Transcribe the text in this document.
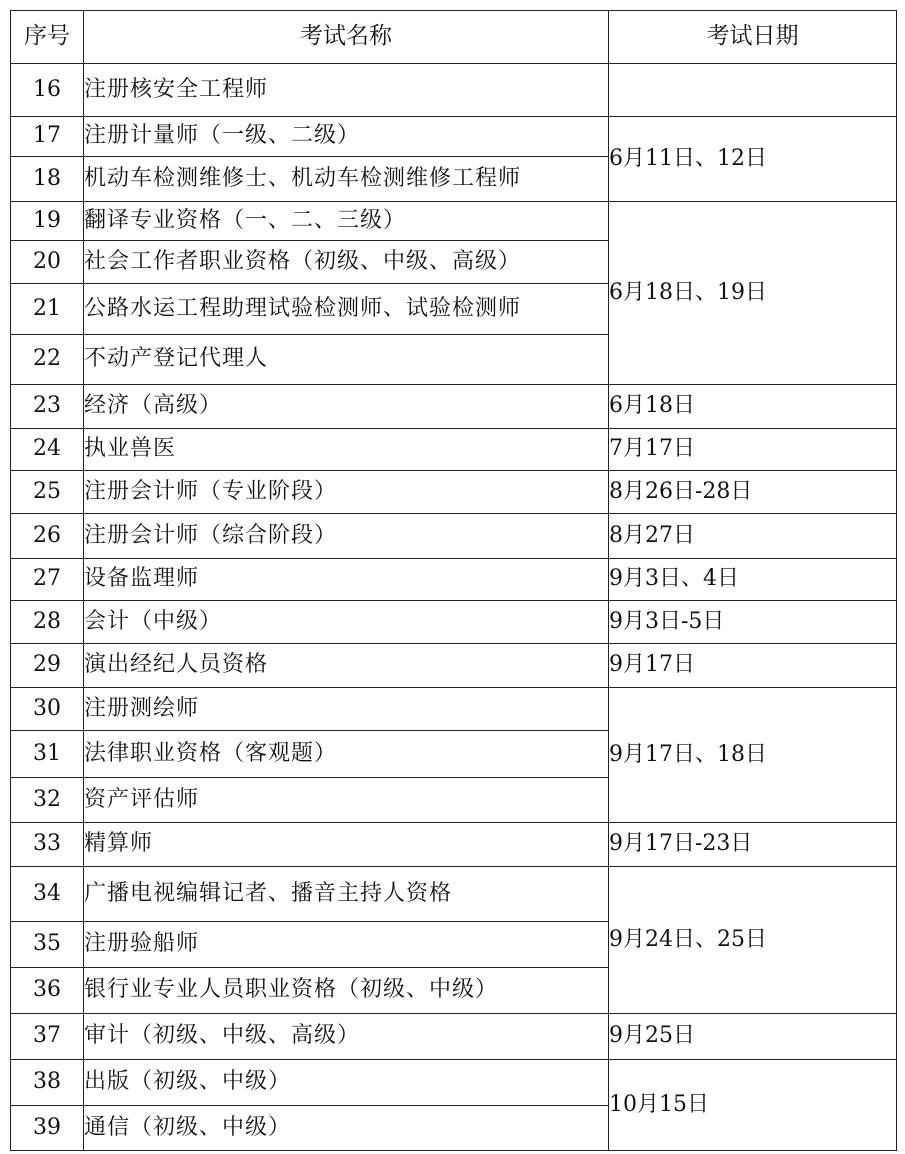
序号	考试名称	考试日期
16	注册核安全工程师	
17	注册计量师（一级、二级）	6月11日、12日
18	机动车检测维修士、机动车检测维修工程师	
19	翻译专业资格（一、二、三级）	6月18日、19日
20	社会工作者职业资格（初级、中级、高级）	
21	公路水运工程助理试验检测师、试验检测师	
22	不动产登记代理人	
23	经济（高级）	6月18日
24	执业兽医	7月17日
25	注册会计师（专业阶段）	8月26日-28日
26	注册会计师（综合阶段）	8月27日
27	设备监理师	9月3日、4日
28	会计（中级）	9月3日-5日
29	演出经纪人员资格	9月17日
30	注册测绘师	9月17日、18日
31	法律职业资格（客观题）	
32	资产评估师	
33	精算师	9月17日-23日
34	广播电视编辑记者、播音主持人资格	9月24日、25日
35	注册验船师	
36	银行业专业人员职业资格（初级、中级）	
37	审计（初级、中级、高级）	9月25日
38	出版（初级、中级）	10月15日
39	通信（初级、中级）	
